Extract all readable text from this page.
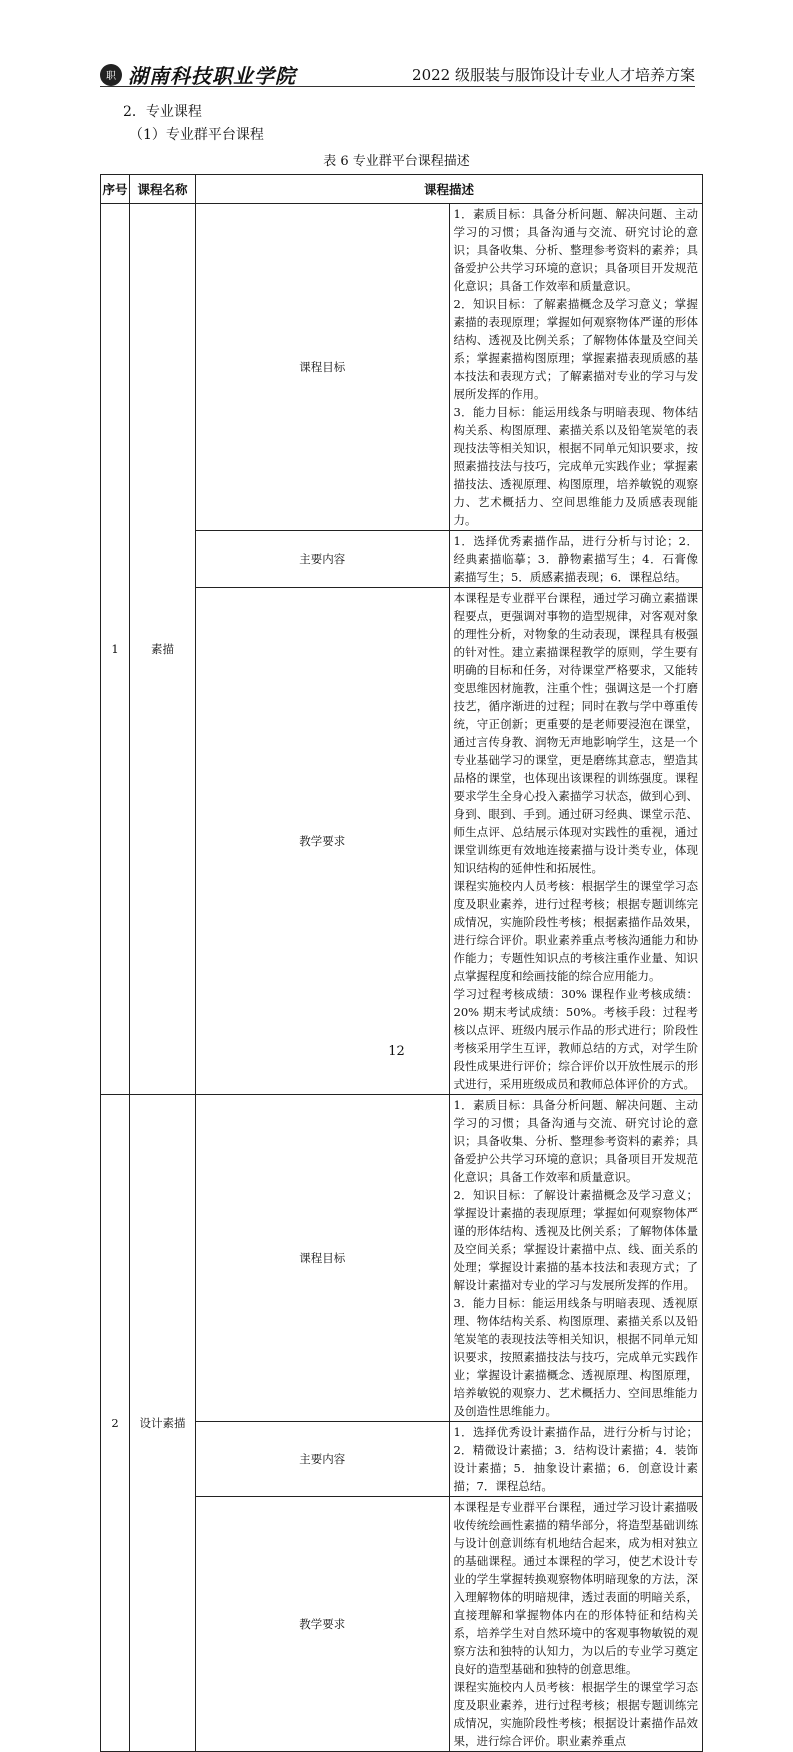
职 湖南科技职业学院	2022 级服装与服饰设计专业人才培养方案
2．专业课程
（1）专业群平台课程
表 6 专业群平台课程描述
序号	课程名称	课程描述	
1	素描	课程目标	1．素质目标：具备分析问题、解决问题、主动学习的习惯；具备沟通与交流、研究讨论的意识；具备收集、分析、整理参考资料的素养；具备爱护公共学习环境的意识；具备项目开发规范化意识；具备工作效率和质量意识。

2．知识目标：了解素描概念及学习意义；掌握素描的表现原理；掌握如何观察物体严谨的形体结构、透视及比例关系；了解物体体量及空间关系；掌握素描构图原理；掌握素描表现质感的基本技法和表现方式；了解素描对专业的学习与发展所发挥的作用。

3．能力目标：能运用线条与明暗表现、物体结构关系、构图原理、素描关系以及铅笔炭笔的表现技法等相关知识，根据不同单元知识要求，按照素描技法与技巧，完成单元实践作业；掌握素描技法、透视原理、构图原理，培养敏锐的观察力、艺术概括力、空间思维能力及质感表现能力。

		主要内容	1．选择优秀素描作品，进行分析与讨论；2．经典素描临摹；3．静物素描写生；4．石膏像素描写生；5．质感素描表现；6．课程总结。

		教学要求	本课程是专业群平台课程，通过学习确立素描课程要点，更强调对事物的造型规律，对客观对象的理性分析，对物象的生动表现，课程具有极强的针对性。建立素描课程教学的原则，学生要有明确的目标和任务，对待课堂严格要求，又能转变思维因材施教，注重个性；强调这是一个打磨技艺，循序渐进的过程；同时在教与学中尊重传统，守正创新；更重要的是老师要浸泡在课堂，通过言传身教、润物无声地影响学生，这是一个专业基础学习的课堂，更是磨练其意志，塑造其品格的课堂，也体现出该课程的训练强度。课程要求学生全身心投入素描学习状态，做到心到、身到、眼到、手到。通过研习经典、课堂示范、师生点评、总结展示体现对实践性的重视，通过课堂训练更有效地连接素描与设计类专业，体现知识结构的延伸性和拓展性。

课程实施校内人员考核：根据学生的课堂学习态度及职业素养，进行过程考核；根据专题训练完成情况，实施阶段性考核；根据素描作品效果，进行综合评价。职业素养重点考核沟通能力和协作能力；专题性知识点的考核注重作业量、知识点掌握程度和绘画技能的综合应用能力。

学习过程考核成绩：30% 课程作业考核成绩：20% 期末考试成绩：50%。考核手段：过程考核以点评、班级内展示作品的形式进行；阶段性考核采用学生互评，教师总结的方式，对学生阶段性成果进行评价；综合评价以开放性展示的形式进行，采用班级成员和教师总体评价的方式。

2	设计素描	课程目标	1．素质目标：具备分析问题、解决问题、主动学习的习惯；具备沟通与交流、研究讨论的意识；具备收集、分析、整理参考资料的素养；具备爱护公共学习环境的意识；具备项目开发规范化意识；具备工作效率和质量意识。

2．知识目标：了解设计素描概念及学习意义；掌握设计素描的表现原理；掌握如何观察物体严谨的形体结构、透视及比例关系；了解物体体量及空间关系；掌握设计素描中点、线、面关系的处理；掌握设计素描的基本技法和表现方式；了解设计素描对专业的学习与发展所发挥的作用。

3．能力目标：能运用线条与明暗表现、透视原理、物体结构关系、构图原理、素描关系以及铅笔炭笔的表现技法等相关知识，根据不同单元知识要求，按照素描技法与技巧，完成单元实践作业；掌握设计素描概念、透视原理、构图原理，培养敏锐的观察力、艺术概括力、空间思维能力及创造性思维能力。

		主要内容	1．选择优秀设计素描作品，进行分析与讨论；2．精微设计素描；3．结构设计素描；4．装饰设计素描；5．抽象设计素描；6．创意设计素描；7．课程总结。

		教学要求	本课程是专业群平台课程，通过学习设计素描吸收传统绘画性素描的精华部分，将造型基础训练与设计创意训练有机地结合起来，成为相对独立的基础课程。通过本课程的学习，使艺术设计专业的学生掌握转换观察物体明暗现象的方法，深入理解物体的明暗规律，透过表面的明暗关系，直接理解和掌握物体内在的形体特征和结构关系，培养学生对自然环境中的客观事物敏锐的观察方法和独特的认知力，为以后的专业学习奠定良好的造型基础和独特的创意思维。

课程实施校内人员考核：根据学生的课堂学习态度及职业素养，进行过程考核；根据专题训练完成情况，实施阶段性考核；根据设计素描作品效果，进行综合评价。职业素养重点

12
